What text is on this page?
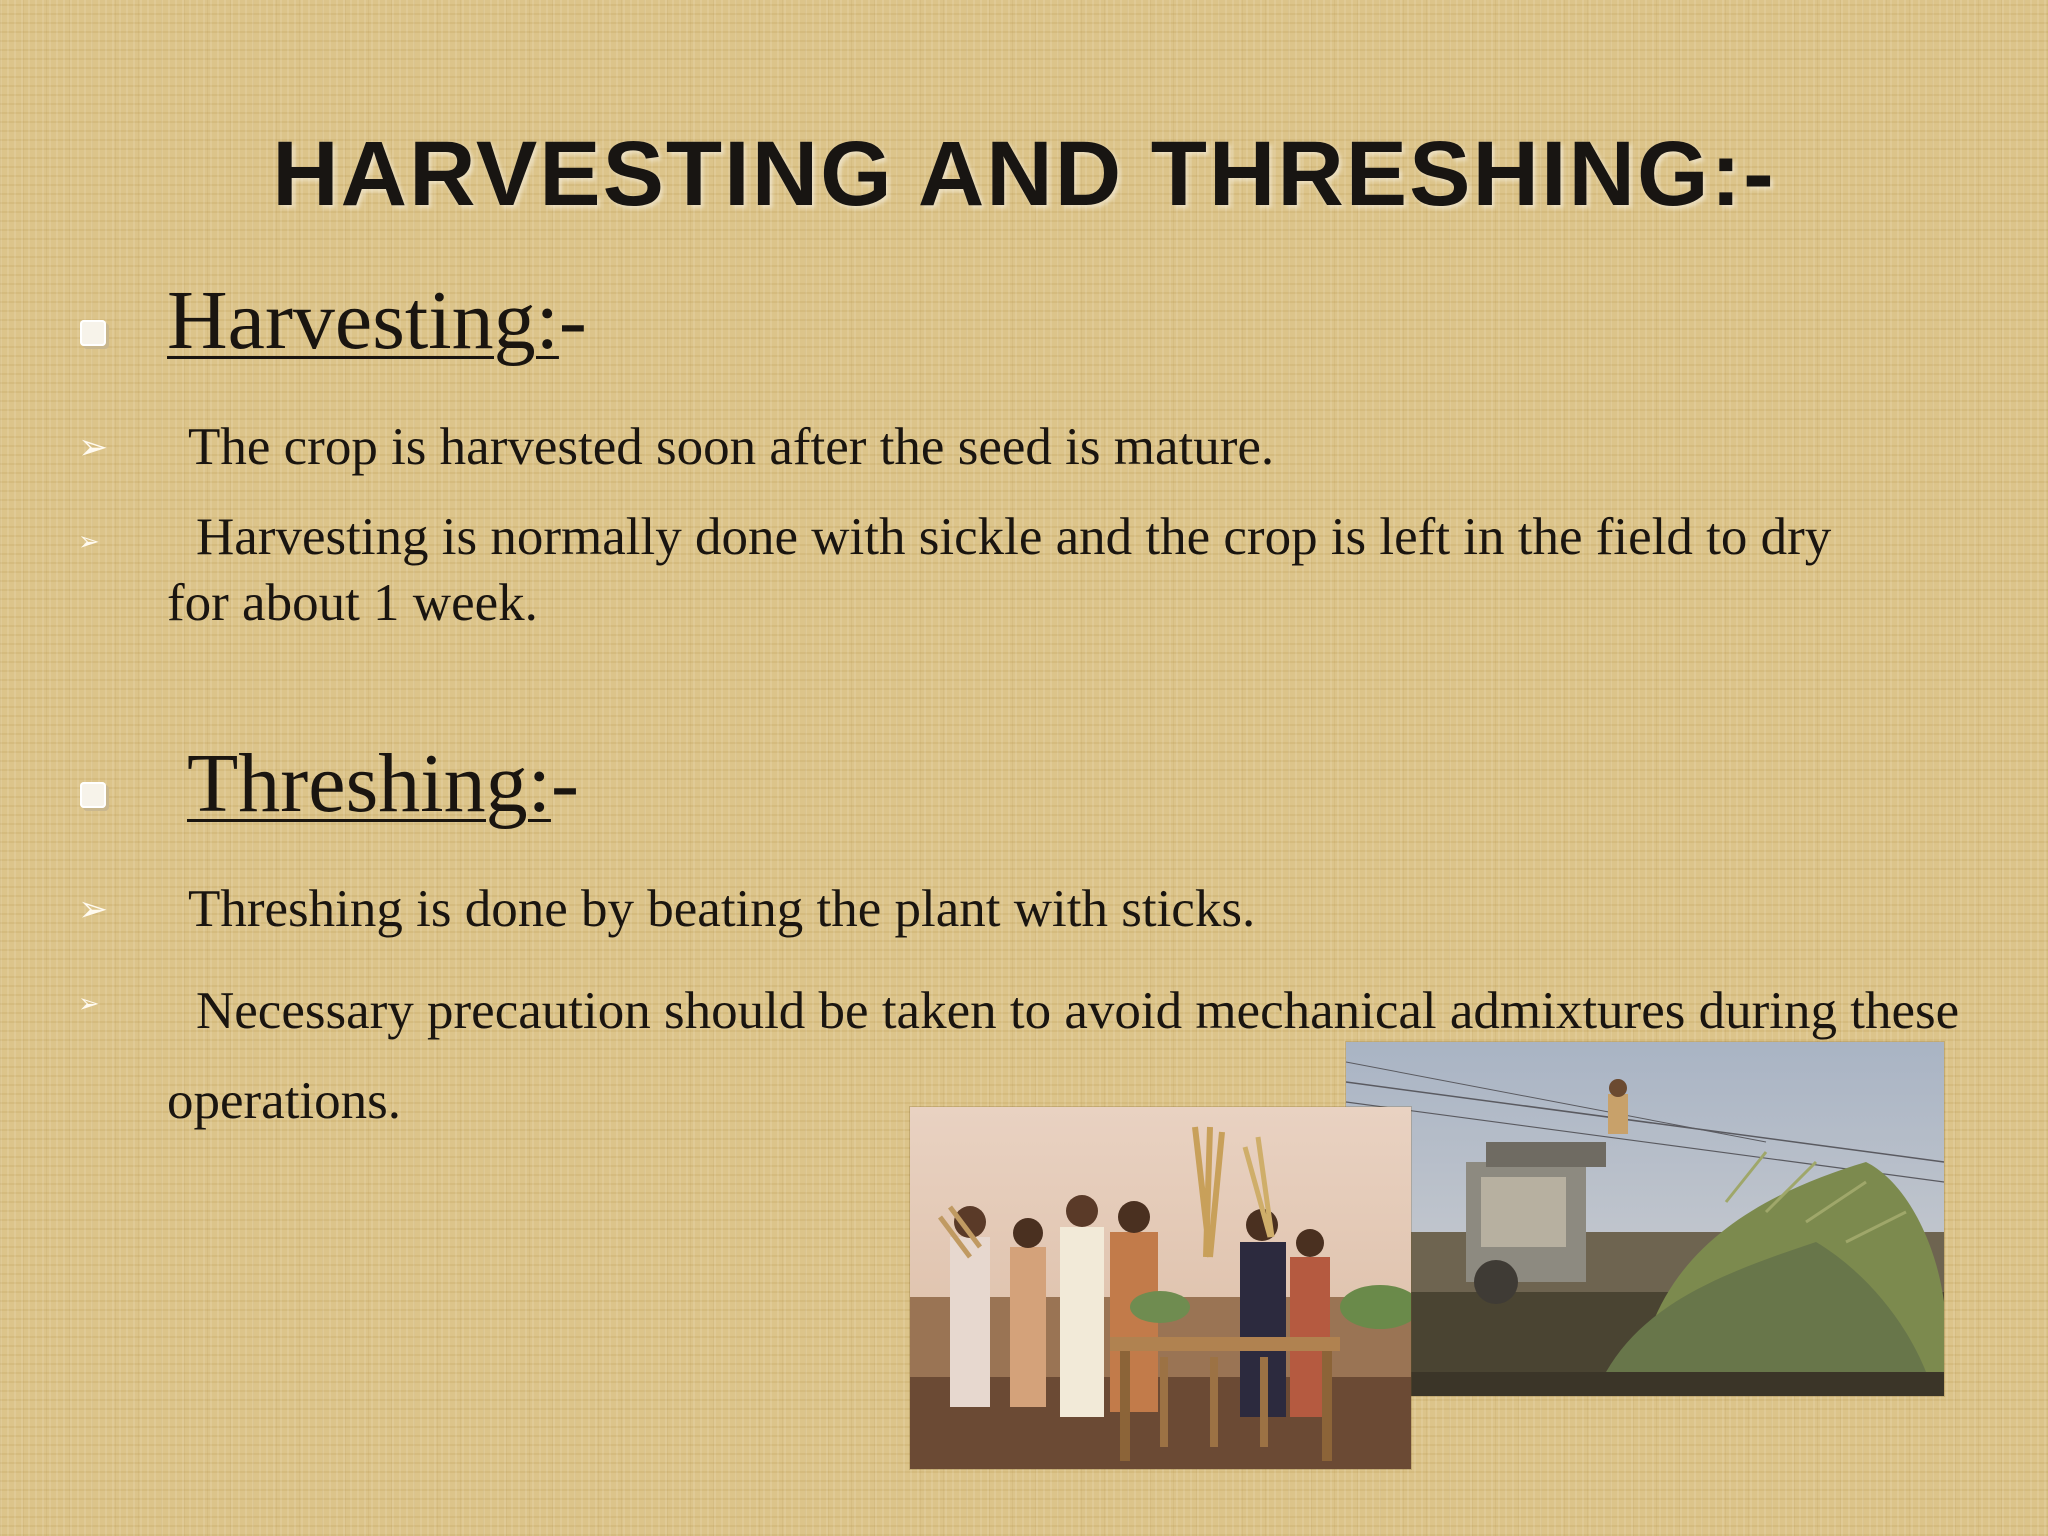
HARVESTING AND THRESHING:-
Harvesting:-
➢ The crop is harvested soon after the seed is mature.

➢	Harvesting is normally done with sickle and the crop is left in the field to dry for about 1 week.

Threshing:-
➢ Threshing is done by beating the plant with sticks.

➢	Necessary precaution should be taken to avoid mechanical admixtures during these operations.
